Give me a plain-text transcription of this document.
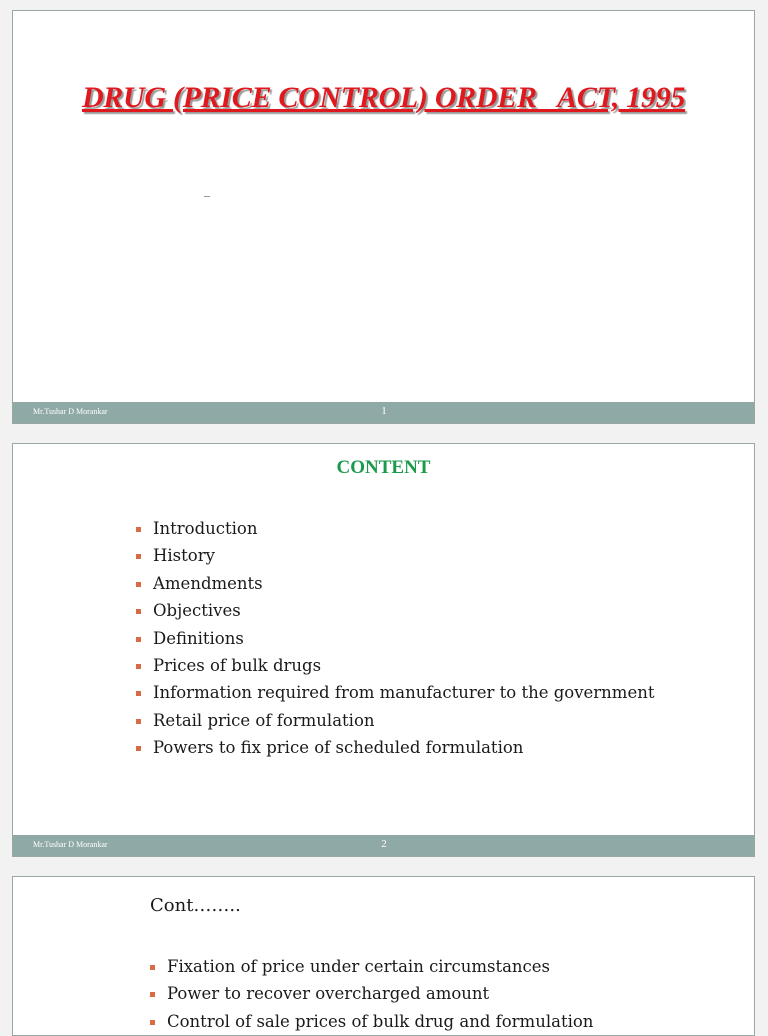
DRUG (PRICE CONTROL) ORDER   ACT, 1995
Mr.Tushar D Morankar	1
CONTENT
Introduction
History
Amendments
Objectives
Definitions
Prices of bulk drugs
Information required from manufacturer to the government
Retail price of formulation
Powers to fix price of scheduled formulation
Mr.Tushar D Morankar	2
Cont……..
Fixation of price under certain circumstances
Power to recover overcharged amount
Control of sale prices of bulk drug and formulation
